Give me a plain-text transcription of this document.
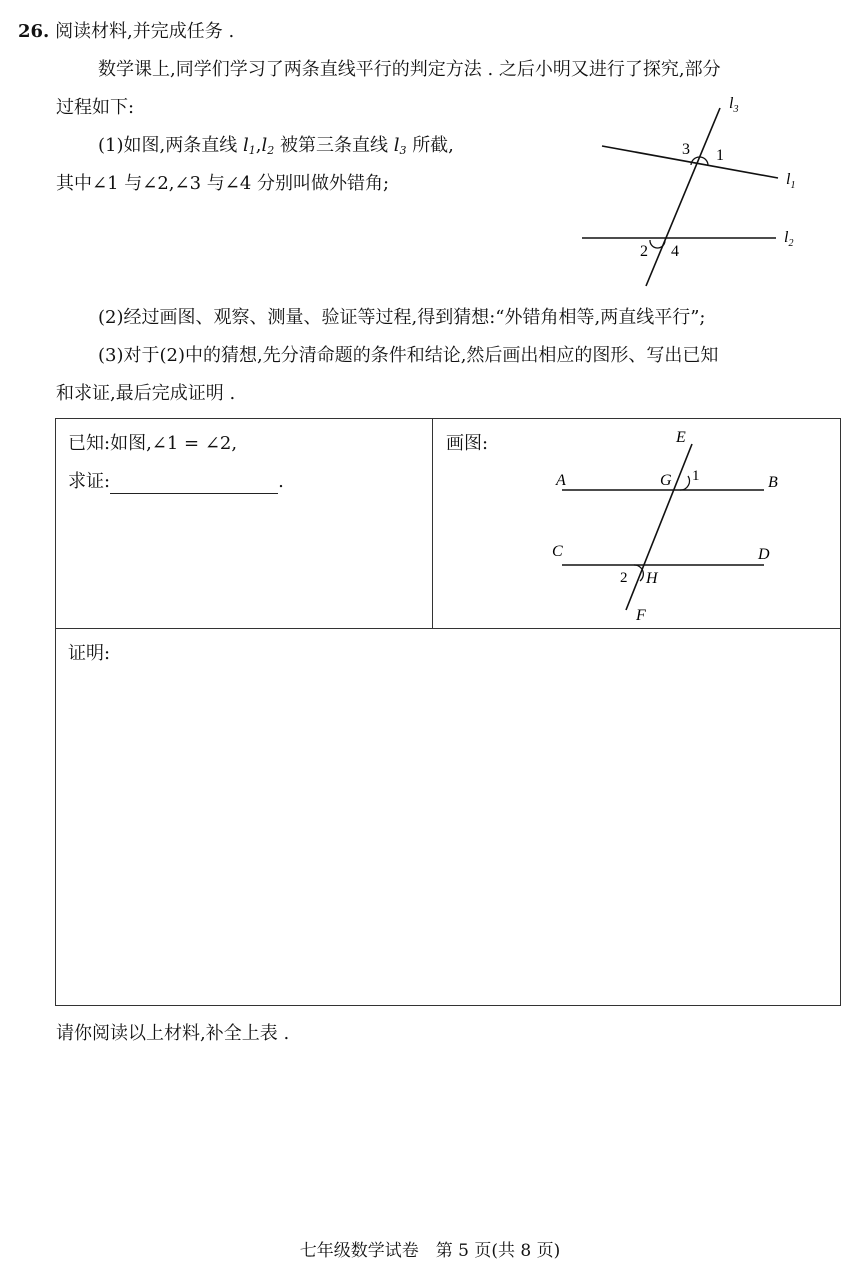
26. 阅读材料,并完成任务 .
数学课上,同学们学习了两条直线平行的判定方法 . 之后小明又进行了探究,部分
过程如下:
(1)如图,两条直线 $l_1,l_2$ 被第三条直线 $l_3$ 所截,
其中∠1 与∠2,∠3 与∠4 分别叫做外错角;
3 1
2 4
$l_3$
$l_1$
$l_2$
(2)经过画图、观察、测量、验证等过程,得到猜想:“外错角相等,两直线平行”;
(3)对于(2)中的猜想,先分清命题的条件和结论,然后画出相应的图形、写出已知
和求证,最后完成证明 .
已知:如图,∠1 = ∠2,
求证:	.
画图:	E
A	G 1	B
C	D
2 H
F
证明:
请你阅读以上材料,补全上表 .
七年级数学试卷　第 5 页(共 8 页)
